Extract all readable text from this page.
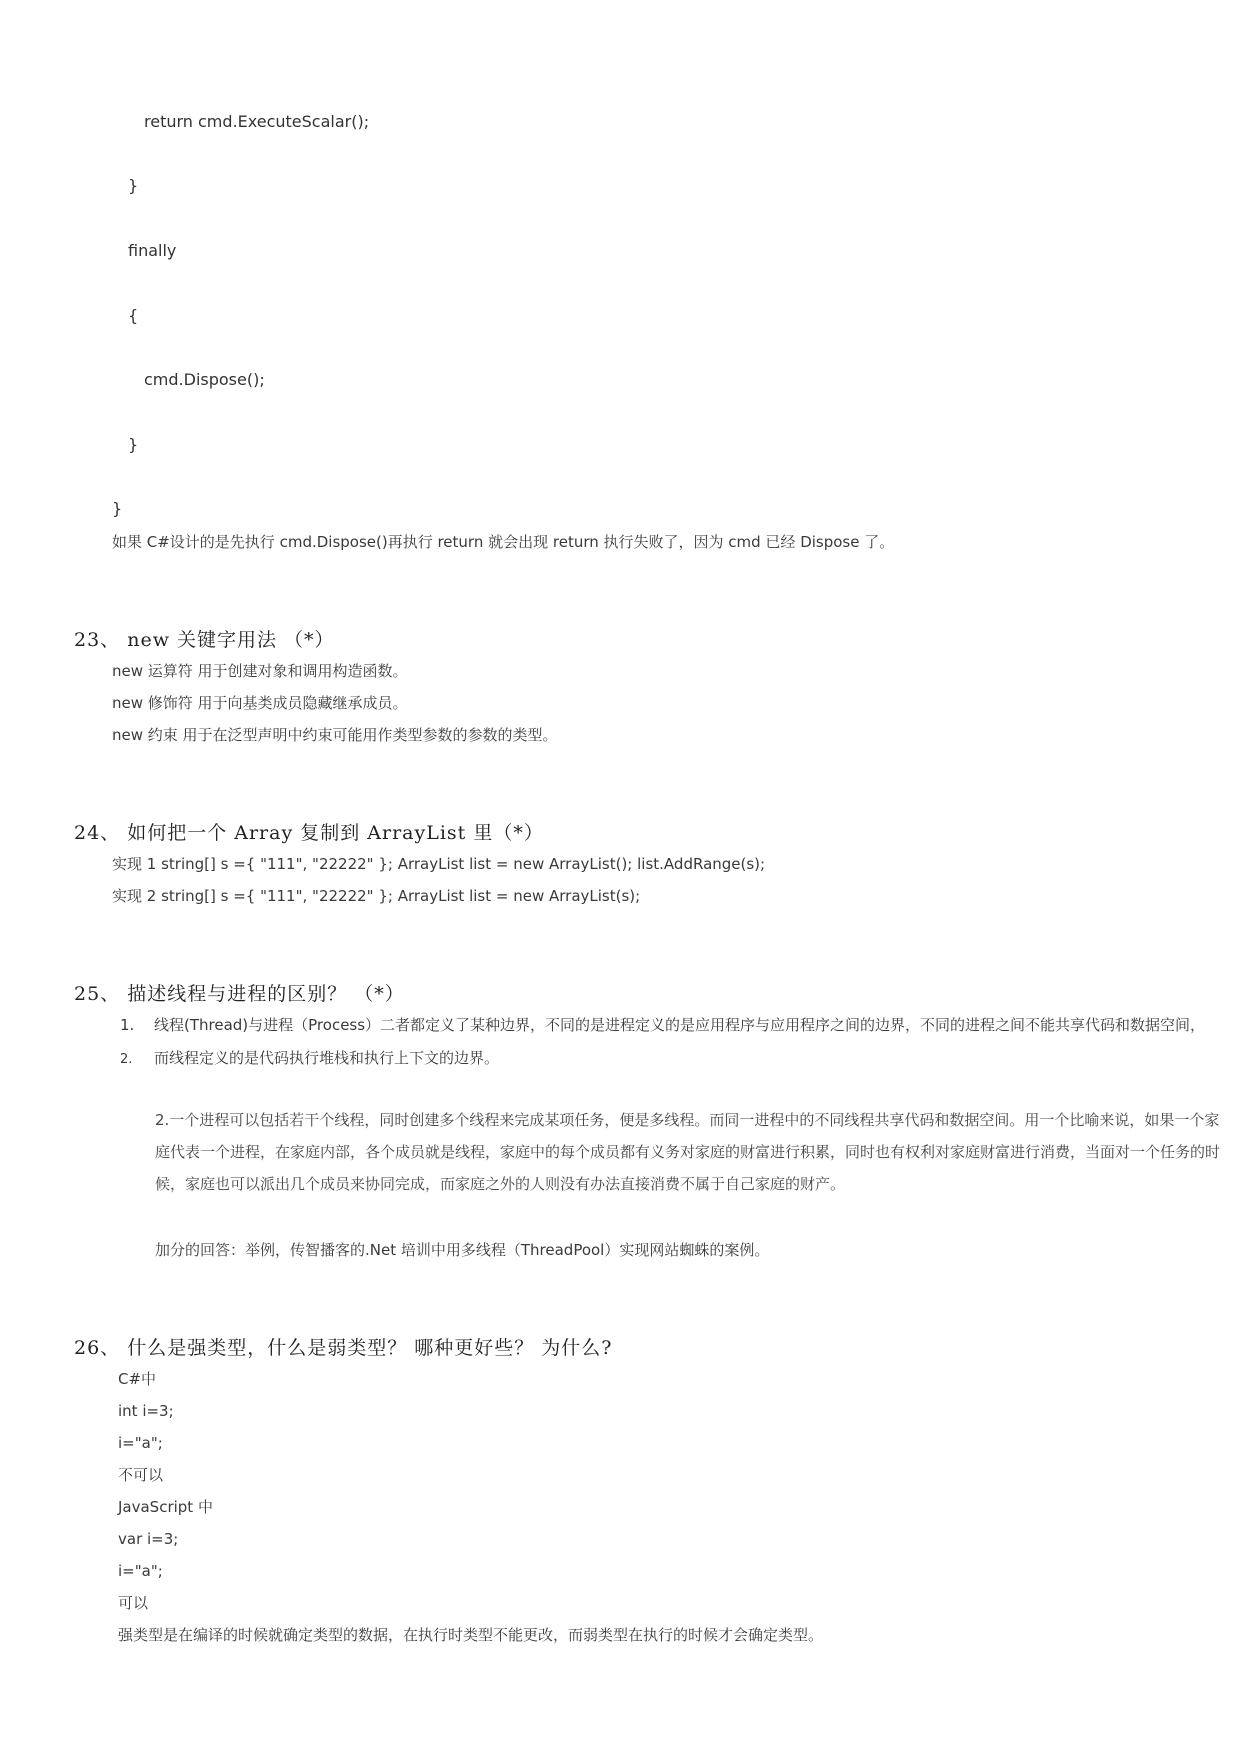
return cmd.ExecuteScalar();
}
finally
{
cmd.Dispose();
}
}
如果 C#设计的是先执行 cmd.Dispose()再执行 return 就会出现 return 执行失败了，因为 cmd 已经 Dispose 了。
23、 new 关键字用法 （*）
new 运算符 用于创建对象和调用构造函数。
new 修饰符 用于向基类成员隐藏继承成员。
new 约束 用于在泛型声明中约束可能用作类型参数的参数的类型。
24、 如何把一个 Array 复制到 ArrayList 里（*）
实现 1 string[] s ={ "111", "22222" }; ArrayList list = new ArrayList(); list.AddRange(s);
实现 2 string[] s ={ "111", "22222" }; ArrayList list = new ArrayList(s);
25、 描述线程与进程的区别？ （*）
1. 线程(Thread)与进程（Process）二者都定义了某种边界，不同的是进程定义的是应用程序与应用程序之间的边界，不同的进程之间不能共享代码和数据空间，
2. 而线程定义的是代码执行堆栈和执行上下文的边界。
2.一个进程可以包括若干个线程，同时创建多个线程来完成某项任务，便是多线程。而同一进程中的不同线程共享代码和数据空间。用一个比喻来说，如果一个家庭代表一个进程，在家庭内部，各个成员就是线程，家庭中的每个成员都有义务对家庭的财富进行积累，同时也有权利对家庭财富进行消费，当面对一个任务的时候，家庭也可以派出几个成员来协同完成，而家庭之外的人则没有办法直接消费不属于自己家庭的财产。
加分的回答：举例，传智播客的.Net 培训中用多线程（ThreadPool）实现网站蜘蛛的案例。
26、 什么是强类型，什么是弱类型？ 哪种更好些？ 为什么?
C#中
int i=3;
i="a";
不可以
JavaScript 中
var i=3;
i="a";
可以
强类型是在编译的时候就确定类型的数据，在执行时类型不能更改，而弱类型在执行的时候才会确定类型。
